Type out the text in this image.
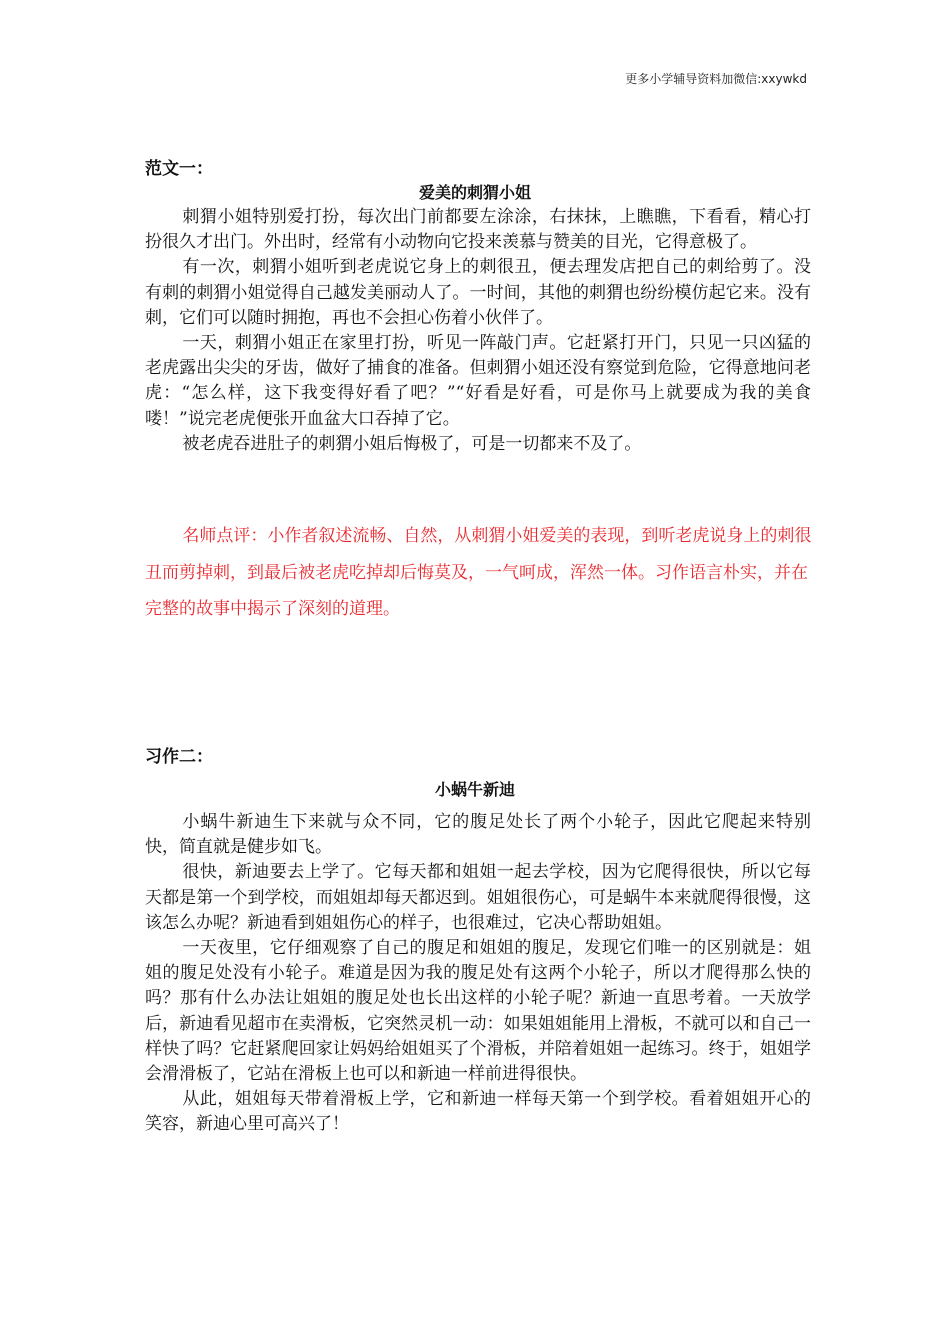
更多小学辅导资料加微信:xxywkd
范文一：
爱美的刺猬小姐

刺猬小姐特别爱打扮，每次出门前都要左涂涂，右抹抹，上瞧瞧，下看看，精心打扮很久才出门。外出时，经常有小动物向它投来羡慕与赞美的目光，它得意极了。

有一次，刺猬小姐听到老虎说它身上的刺很丑，便去理发店把自己的刺给剪了。没有刺的刺猬小姐觉得自己越发美丽动人了。一时间，其他的刺猬也纷纷模仿起它来。没有刺，它们可以随时拥抱，再也不会担心伤着小伙伴了。

一天，刺猬小姐正在家里打扮，听见一阵敲门声。它赶紧打开门，只见一只凶猛的老虎露出尖尖的牙齿，做好了捕食的准备。但刺猬小姐还没有察觉到危险，它得意地问老虎：“怎么样，这下我变得好看了吧？”“好看是好看，可是你马上就要成为我的美食喽！”说完老虎便张开血盆大口吞掉了它。

被老虎吞进肚子的刺猬小姐后悔极了，可是一切都来不及了。

名师点评：小作者叙述流畅、自然，从刺猬小姐爱美的表现，到听老虎说身上的刺很丑而剪掉刺，到最后被老虎吃掉却后悔莫及，一气呵成，浑然一体。习作语言朴实，并在完整的故事中揭示了深刻的道理。

习作二：
小蜗牛新迪

小蜗牛新迪生下来就与众不同，它的腹足处长了两个小轮子，因此它爬起来特别快，简直就是健步如飞。

很快，新迪要去上学了。它每天都和姐姐一起去学校，因为它爬得很快，所以它每天都是第一个到学校，而姐姐却每天都迟到。姐姐很伤心，可是蜗牛本来就爬得很慢，这该怎么办呢？新迪看到姐姐伤心的样子，也很难过，它决心帮助姐姐。

一天夜里，它仔细观察了自己的腹足和姐姐的腹足，发现它们唯一的区别就是：姐姐的腹足处没有小轮子。难道是因为我的腹足处有这两个小轮子，所以才爬得那么快的吗？那有什么办法让姐姐的腹足处也长出这样的小轮子呢？新迪一直思考着。一天放学后，新迪看见超市在卖滑板，它突然灵机一动：如果姐姐能用上滑板，不就可以和自己一样快了吗？它赶紧爬回家让妈妈给姐姐买了个滑板，并陪着姐姐一起练习。终于，姐姐学会滑滑板了，它站在滑板上也可以和新迪一样前进得很快。

从此，姐姐每天带着滑板上学，它和新迪一样每天第一个到学校。看着姐姐开心的笑容，新迪心里可高兴了！
